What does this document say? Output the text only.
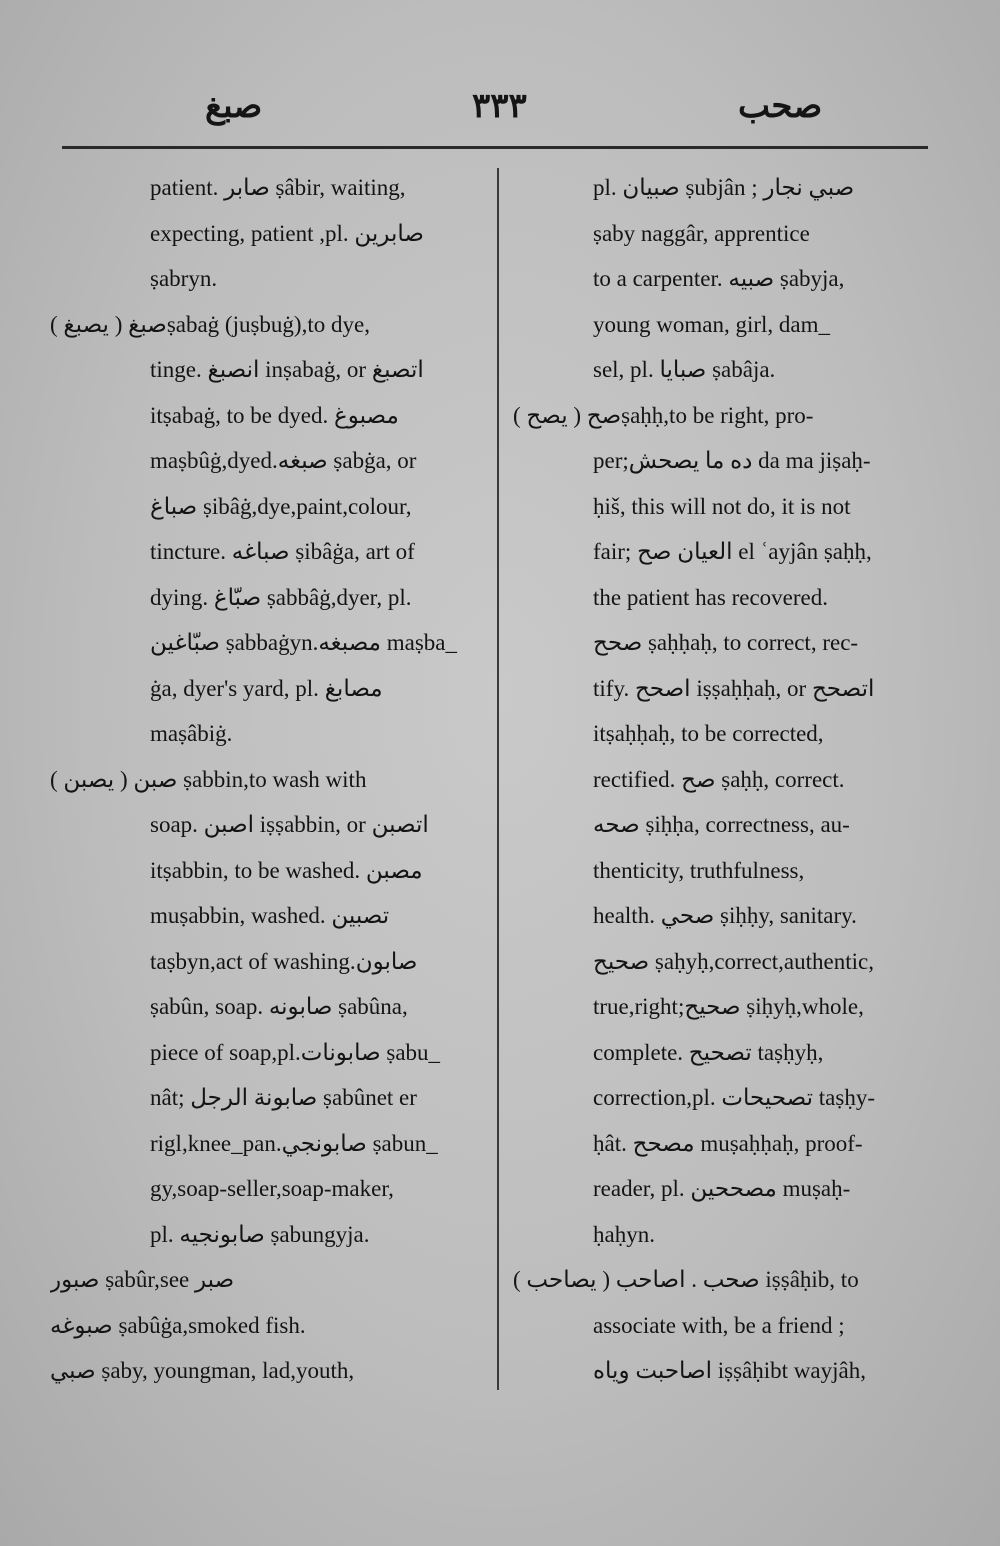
صبغ	٣٣٣	صحب
patient. صابر ṣâbir, waiting,
expecting, patient ,pl. صابرين
ṣabryn.
صبغ ( يصبغ )ṣabaġ (juṣbuġ),to dye,
tinge. انصبغ inṣabaġ, or اتصبغ
itṣabaġ, to be dyed. مصبوغ
maṣbûġ,dyed.صبغه ṣabġa, or
صباغ ṣibâġ,dye,paint,colour,
tincture. صباغه ṣibâġa, art of
dying. صبّاغ ṣabbâġ,dyer, pl.
صبّاغين ṣabbaġyn.مصبغه maṣba_
ġa, dyer's yard, pl. مصابغ
maṣâbiġ.
صبن ( يصبن ) ṣabbin,to wash with
soap. اصبن iṣṣabbin, or اتصبن
itṣabbin, to be washed. مصبن
muṣabbin, washed. تصبين
taṣbyn,act of washing.صابون
ṣabûn, soap. صابونه ṣabûna,
piece of soap,pl.صابونات ṣabu_
nât; صابونة الرجل ṣabûnet er
rigl,knee_pan.صابونجي ṣabun_
gy,soap-seller,soap-maker,
pl. صابونجيه ṣabungyja.
صبور ṣabûr,see صبر
صبوغه ṣabûġa,smoked fish.
صبي ṣaby, youngman, lad,youth,
pl. صبيان ṣubjân ; صبي نجار
ṣaby naggâr, apprentice
to a carpenter. صبيه ṣabyja,
young woman, girl, dam_
sel, pl. صبايا ṣabâja.
صح ( يصح )ṣaḥḥ,to be right, pro-
per;ده ما يصحش da ma jiṣaḥ-
ḥiš, this will not do, it is not
fair; العيان صح el ʿayjân ṣaḥḥ,
the patient has recovered.
صحح ṣaḥḥaḥ, to correct, rec-
tify. اصحح iṣṣaḥḥaḥ, or اتصحح
itṣaḥḥaḥ, to be corrected,
rectified. صح ṣaḥḥ, correct.
صحه ṣiḥḥa, correctness, au-
thenticity, truthfulness,
health. صحي ṣiḥḥy, sanitary.
صحيح ṣaḥyḥ,correct,authentic,
true,right;صحيح ṣiḥyḥ,whole,
complete. تصحيح taṣḥyḥ,
correction,pl. تصحيحات taṣḥy-
ḥât. مصحح muṣaḥḥaḥ, proof-
reader, pl. مصححين muṣaḥ-
ḥaḥyn.
صحب . اصاحب ( يصاحب ) iṣṣâḥib, to
associate with, be a friend ;
اصاحبت وياه iṣṣâḥibt wayjâh,
